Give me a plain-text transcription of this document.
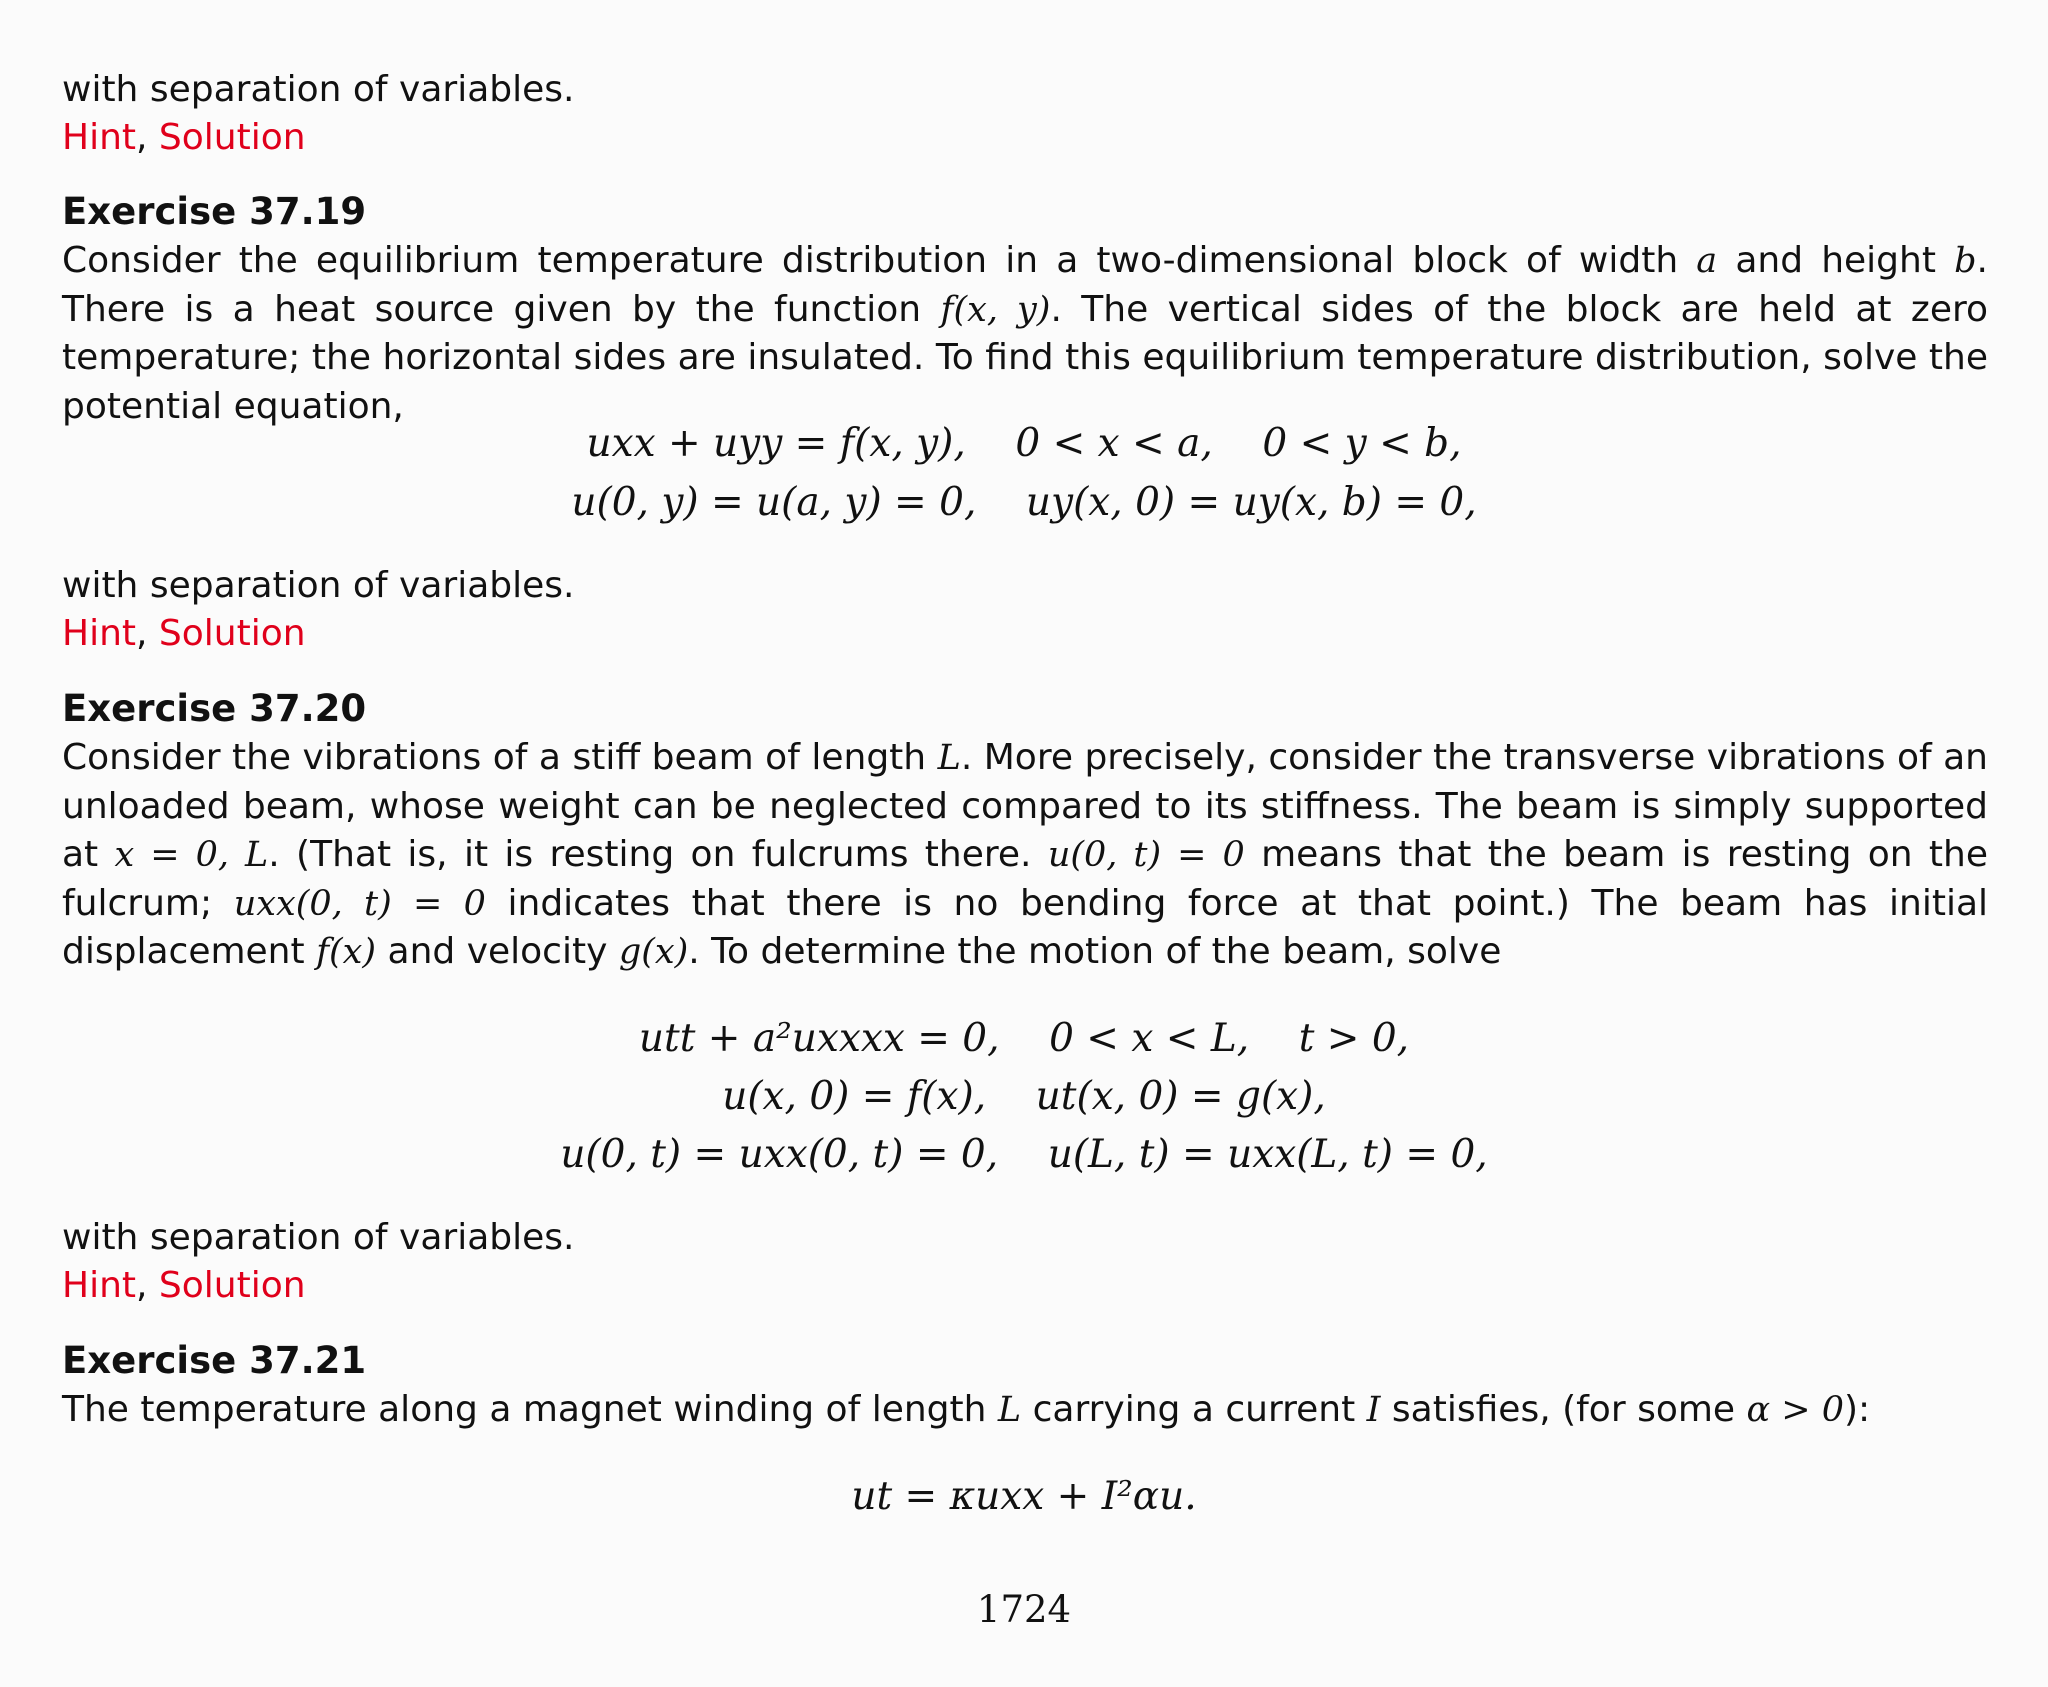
with separation of variables.
Hint, Solution
Exercise 37.19
Consider the equilibrium temperature distribution in a two-dimensional block of width a and height b. There is a heat source given by the function f(x, y). The vertical sides of the block are held at zero temperature; the horizontal sides are insulated. To find this equilibrium temperature distribution, solve the potential equation,
uxx + uyy = f(x, y),    0 < x < a,    0 < y < b,
u(0, y) = u(a, y) = 0,    uy(x, 0) = uy(x, b) = 0,
with separation of variables.
Hint, Solution
Exercise 37.20
Consider the vibrations of a stiff beam of length L. More precisely, consider the transverse vibrations of an unloaded beam, whose weight can be neglected compared to its stiffness. The beam is simply supported at x = 0, L. (That is, it is resting on fulcrums there. u(0, t) = 0 means that the beam is resting on the fulcrum; uxx(0, t) = 0 indicates that there is no bending force at that point.) The beam has initial displacement f(x) and velocity g(x). To determine the motion of the beam, solve
utt + a²uxxxx = 0,    0 < x < L,    t > 0,
u(x, 0) = f(x),    ut(x, 0) = g(x),
u(0, t) = uxx(0, t) = 0,    u(L, t) = uxx(L, t) = 0,
with separation of variables.
Hint, Solution
Exercise 37.21
The temperature along a magnet winding of length L carrying a current I satisfies, (for some α > 0):
ut = κuxx + I²αu.
1724
